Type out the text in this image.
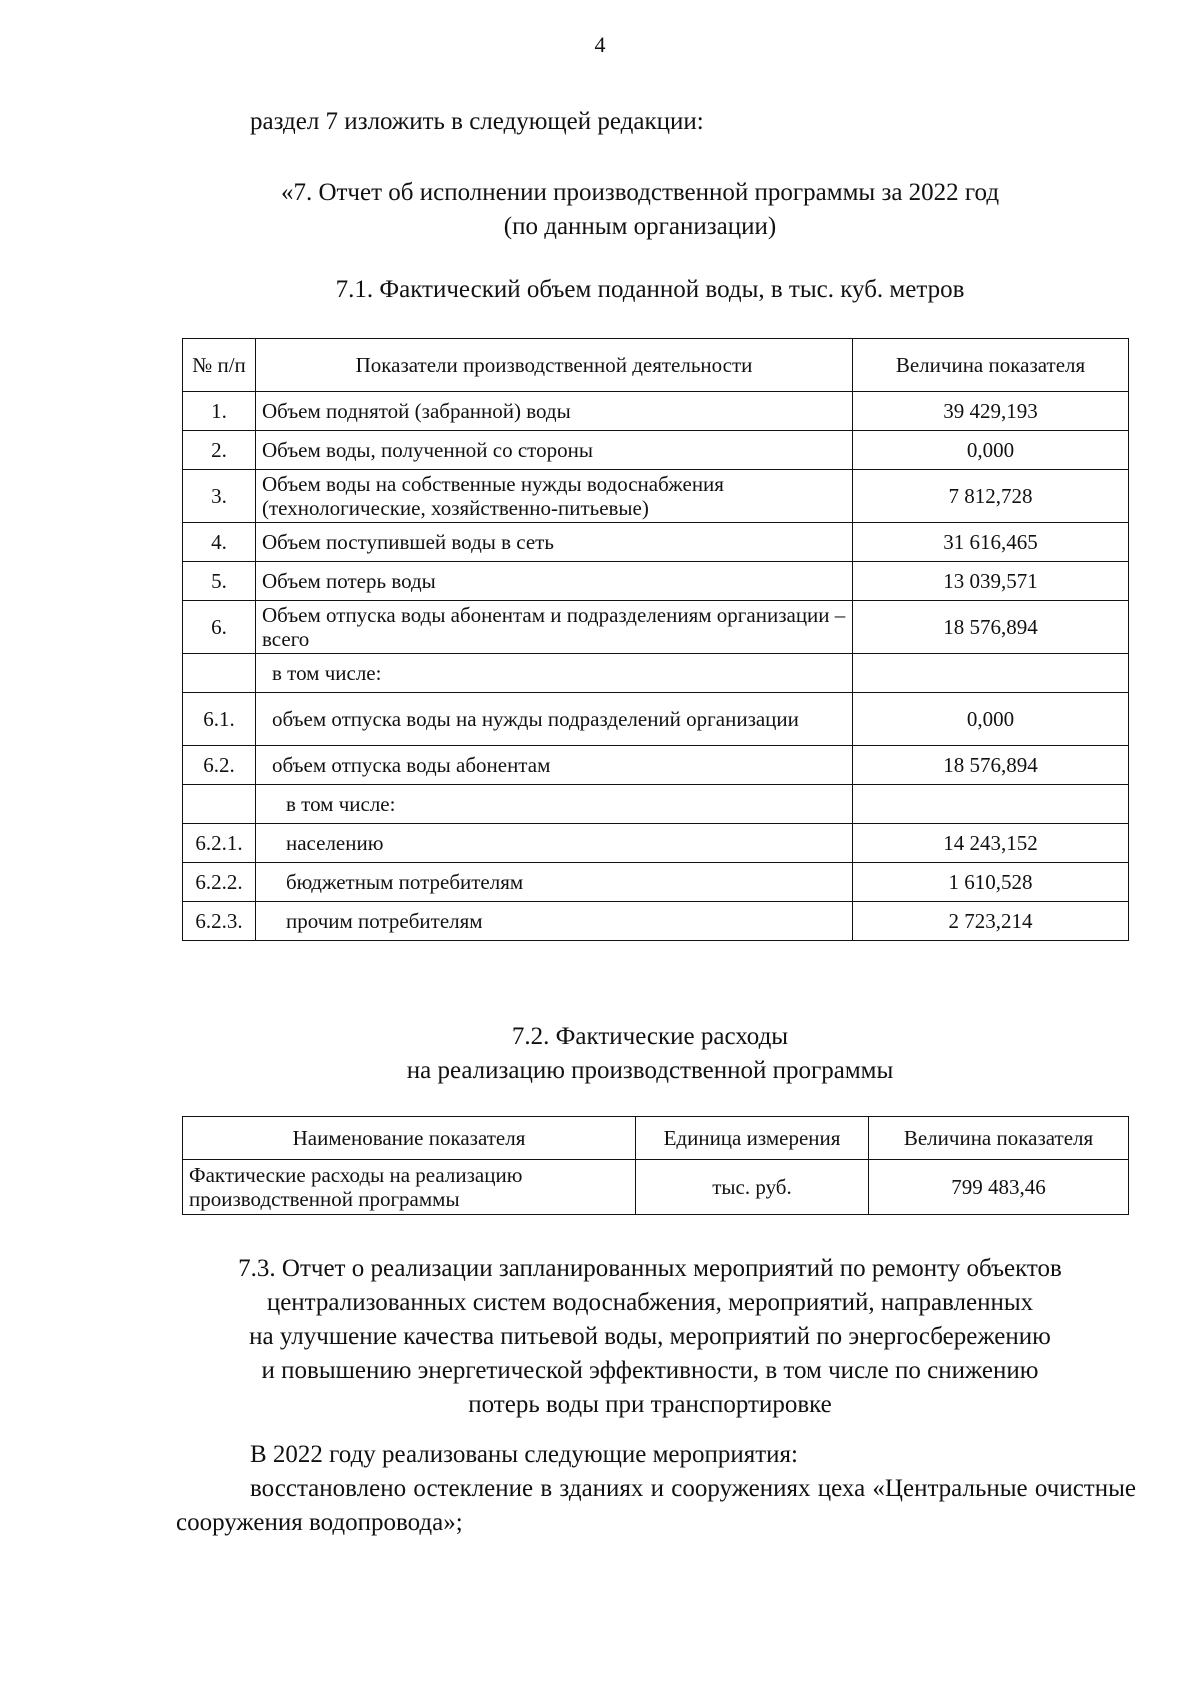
4
раздел 7 изложить в следующей редакции:
«7. Отчет об исполнении производственной программы за 2022 год
(по данным организации)
7.1. Фактический объем поданной воды, в тыс. куб. метров
№ п/п	Показатели производственной деятельности	Величина показателя
1.	Объем поднятой (забранной) воды	39 429,193
2.	Объем воды, полученной со стороны	0,000
3.	Объем воды на собственные нужды водоснабжения (технологические, хозяйственно-питьевые)	7 812,728
4.	Объем поступившей воды в сеть	31 616,465
5.	Объем потерь воды	13 039,571
6.	Объем отпуска воды абонентам и подразделениям организации – всего	18 576,894
	в том числе:	
6.1.	объем отпуска воды на нужды подразделений организации	0,000
6.2.	объем отпуска воды абонентам	18 576,894
	в том числе:	
6.2.1.	населению	14 243,152
6.2.2.	бюджетным потребителям	1 610,528
6.2.3.	прочим потребителям	2 723,214
7.2. Фактические расходы
на реализацию производственной программы
Наименование показателя	Единица измерения	Величина показателя
Фактические расходы на реализацию производственной программы	тыс. руб.	799 483,46
7.3. Отчет о реализации запланированных мероприятий по ремонту объектов
централизованных систем водоснабжения, мероприятий, направленных
на улучшение качества питьевой воды, мероприятий по энергосбережению
и повышению энергетической эффективности, в том числе по снижению
потерь воды при транспортировке
В 2022 году реализованы следующие мероприятия:
восстановлено остекление в зданиях и сооружениях цеха «Центральные очистные сооружения водопровода»;
